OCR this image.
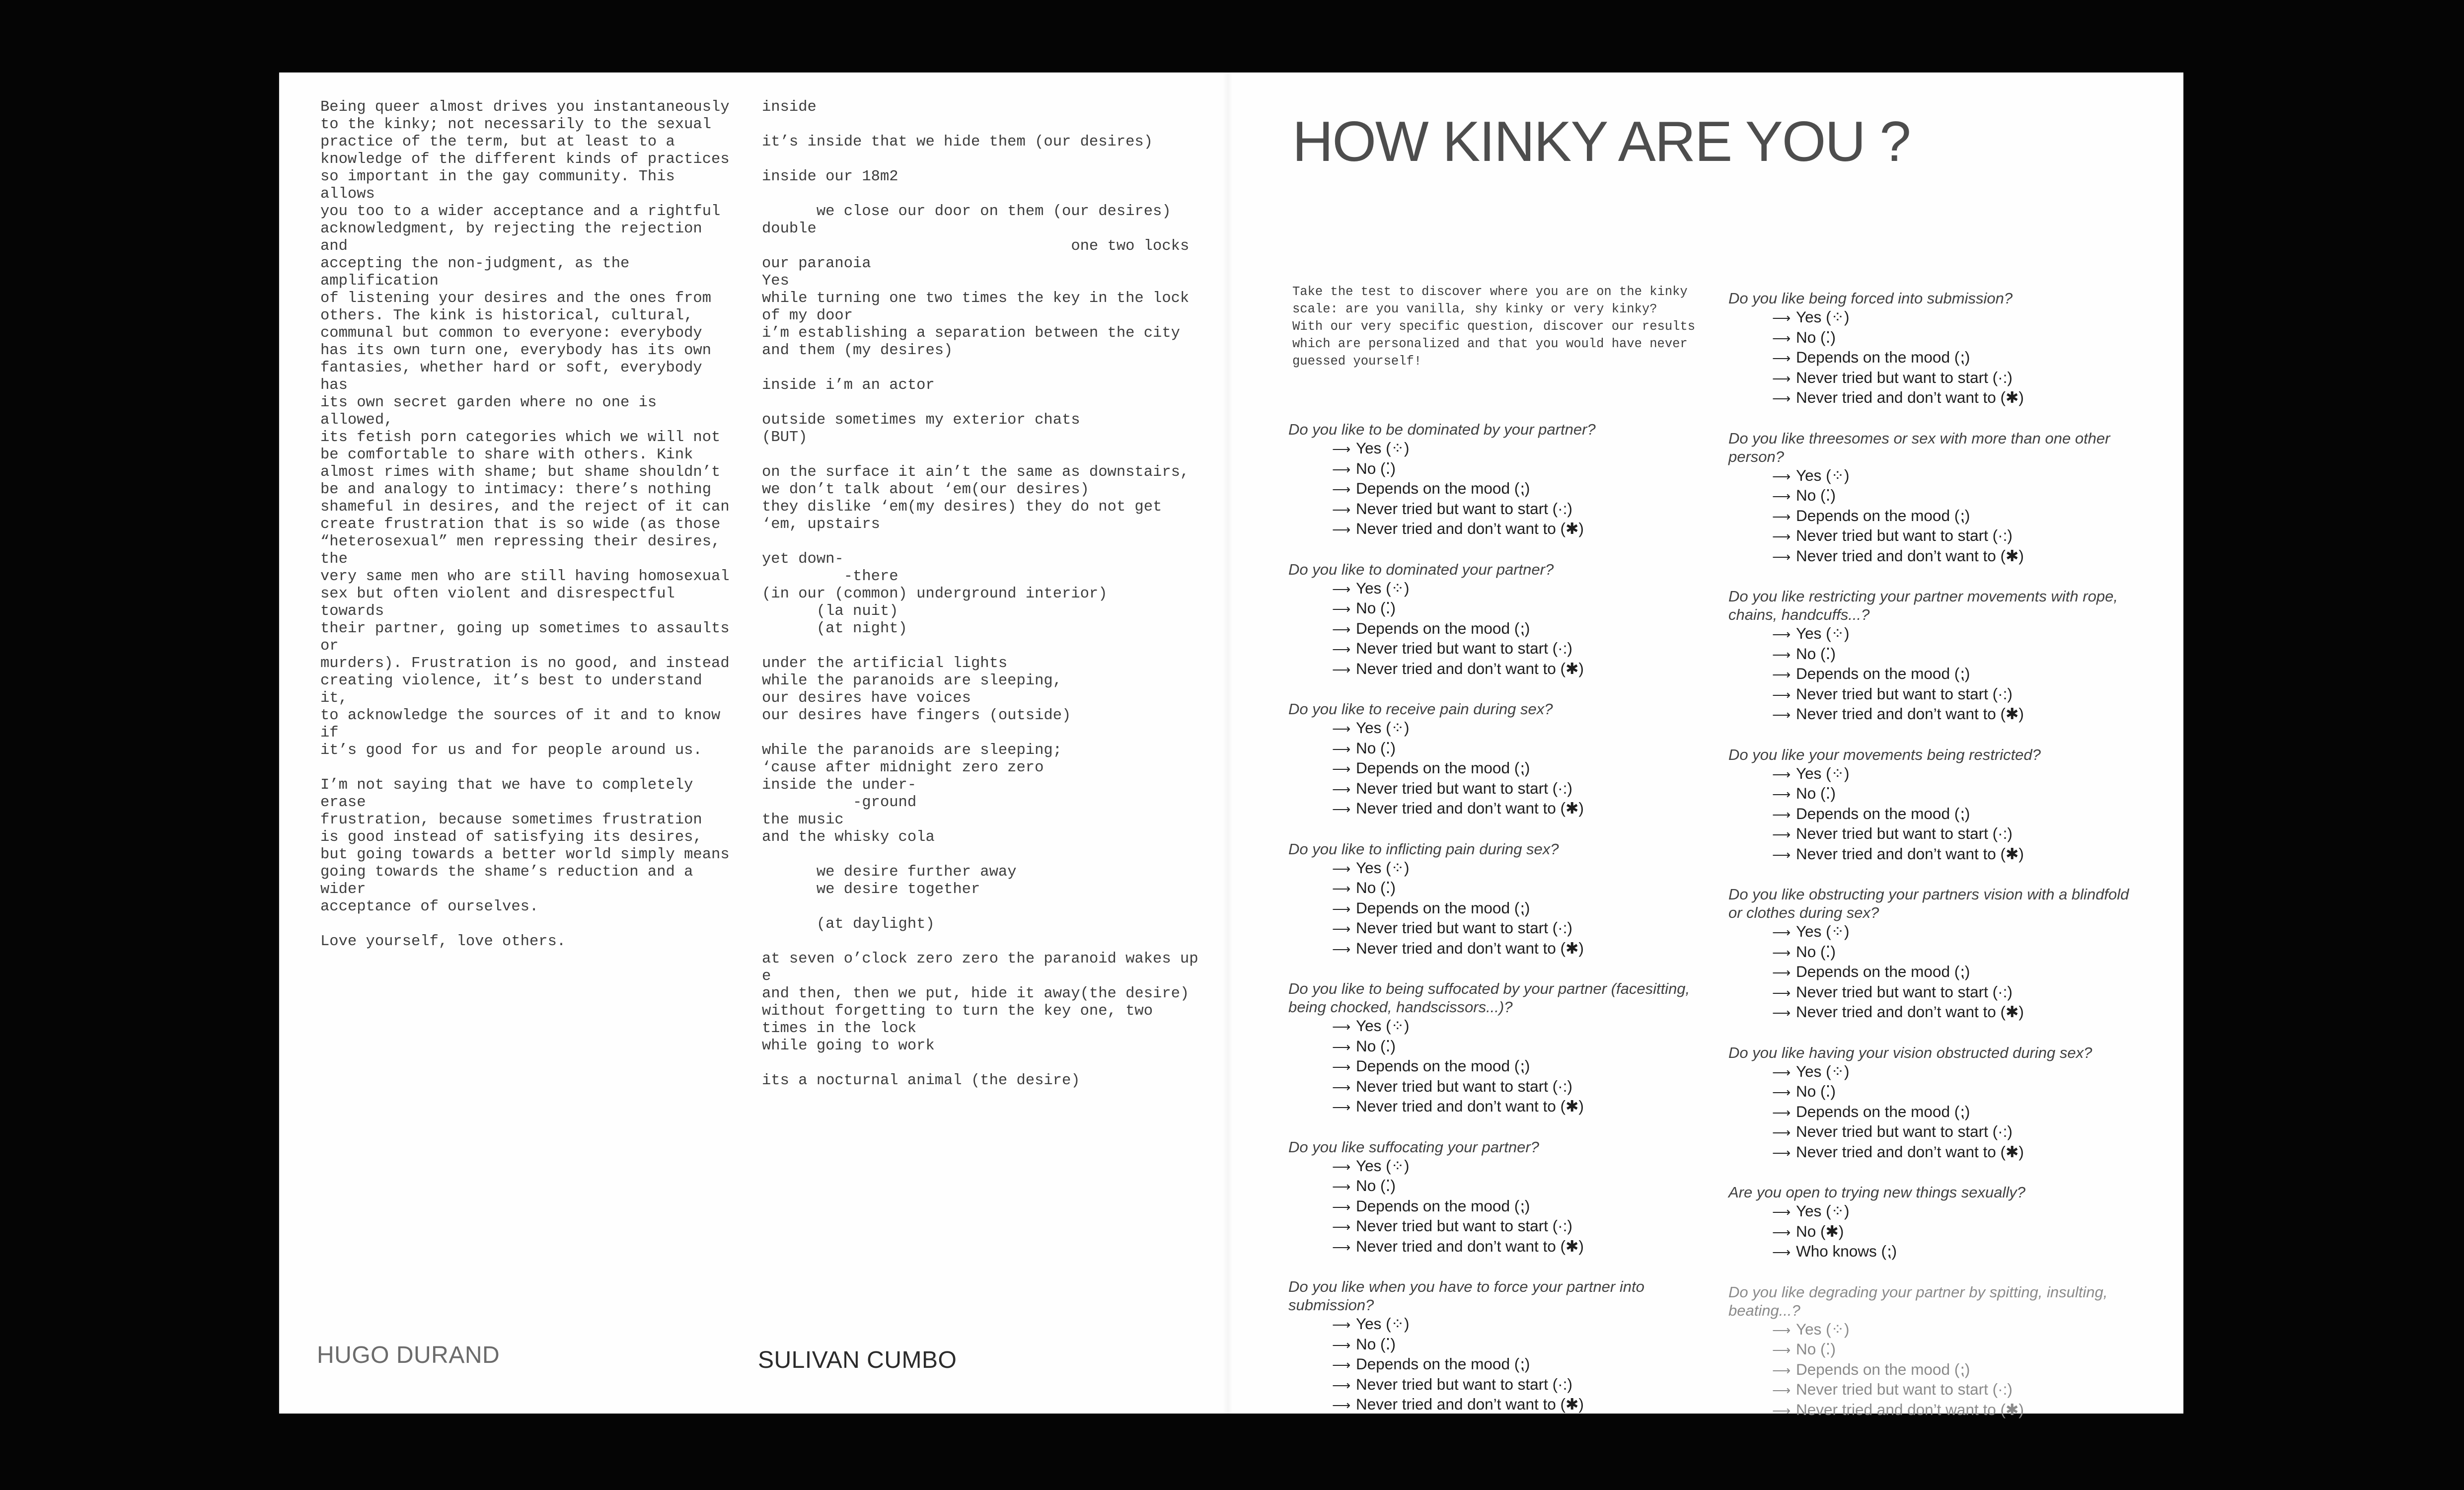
Being queer almost drives you instantaneously
to the kinky; not necessarily to the sexual
practice of the term, but at least to a
knowledge of the different kinds of practices
so important in the gay community. This allows
you too to a wider acceptance and a rightful
acknowledgment, by rejecting the rejection and
accepting the non-judgment, as the amplification
of listening your desires and the ones from
others. The kink is historical, cultural,
communal but common to everyone: everybody
has its own turn one, everybody has its own
fantasies, whether hard or soft, everybody has
its own secret garden where no one is allowed,
its fetish porn categories which we will not
be comfortable to share with others. Kink
almost rimes with shame; but shame shouldn’t
be and analogy to intimacy: there’s nothing
shameful in desires, and the reject of it can
create frustration that is so wide (as those
“heterosexual” men repressing their desires, the
very same men who are still having homosexual
sex but often violent and disrespectful towards
their partner, going up sometimes to assaults or
murders). Frustration is no good, and instead
creating violence, it’s best to understand it,
to acknowledge the sources of it and to know if
it’s good for us and for people around us.

I’m not saying that we have to completely erase
frustration, because sometimes frustration
is good instead of satisfying its desires,
but going towards a better world simply means
going towards the shame’s reduction and a wider
acceptance of ourselves.

Love yourself, love others.

inside

it’s inside that we hide them (our desires)

inside our 18m2

we close our door on them (our desires)
double
one two locks
our paranoia
Yes
while turning one two times the key in the lock
of my door
i’m establishing a separation between the city
and them (my desires)

inside i’m an actor

outside sometimes my exterior chats
(BUT)

on the surface it ain’t the same as downstairs,
we don’t talk about ‘em(our desires)
they dislike ‘em(my desires) they do not get
‘em, upstairs

yet down-
-there
(in our (common) underground interior)
(la nuit)
(at night)

under the artificial lights
while the paranoids are sleeping,
our desires have voices
our desires have fingers (outside)

while the paranoids are sleeping;
‘cause after midnight zero zero
inside the under-
-ground
the music
and the whisky cola

we desire further away
we desire together

(at daylight)

at seven o’clock zero zero the paranoid wakes up
e
and then, then we put, hide it away(the desire)
without forgetting to turn the key one, two
times in the lock
while going to work

its a nocturnal animal (the desire)

HUGO DURAND	SULIVAN CUMBO

HOW KINKY ARE YOU ?

Take the test to discover where you are on the kinky
scale: are you vanilla, shy kinky or very kinky?
With our very specific question, discover our results
which are personalized and that you would have never
guessed yourself!

Do you like to be dominated by your partner?

⟶ Yes (⁘)
⟶ No (⁚)
⟶ Depends on the mood (⁏)
⟶ Never tried but want to start (·:)
⟶ Never tried and don’t want to (✱)

Do you like to dominated your partner?

⟶ Yes (⁘)
⟶ No (⁚)
⟶ Depends on the mood (⁏)
⟶ Never tried but want to start (·:)
⟶ Never tried and don’t want to (✱)

Do you like to receive pain during sex?

⟶ Yes (⁘)
⟶ No (⁚)
⟶ Depends on the mood (⁏)
⟶ Never tried but want to start (·:)
⟶ Never tried and don’t want to (✱)

Do you like to inflicting pain during sex?

⟶ Yes (⁘)
⟶ No (⁚)
⟶ Depends on the mood (⁏)
⟶ Never tried but want to start (·:)
⟶ Never tried and don’t want to (✱)

Do you like to being suffocated by your partner (facesitting,
being chocked, handscissors...)?

⟶ Yes (⁘)
⟶ No (⁚)
⟶ Depends on the mood (⁏)
⟶ Never tried but want to start (·:)
⟶ Never tried and don’t want to (✱)

Do you like suffocating your partner?

⟶ Yes (⁘)
⟶ No (⁚)
⟶ Depends on the mood (⁏)
⟶ Never tried but want to start (·:)
⟶ Never tried and don’t want to (✱)

Do you like when you have to force your partner into
submission?

⟶ Yes (⁘)
⟶ No (⁚)
⟶ Depends on the mood (⁏)
⟶ Never tried but want to start (·:)
⟶ Never tried and don’t want to (✱)

Do you like being forced into submission?

⟶ Yes (⁘)
⟶ No (⁚)
⟶ Depends on the mood (⁏)
⟶ Never tried but want to start (·:)
⟶ Never tried and don’t want to (✱)

Do you like threesomes or sex with more than one other
person?

⟶ Yes (⁘)
⟶ No (⁚)
⟶ Depends on the mood (⁏)
⟶ Never tried but want to start (·:)
⟶ Never tried and don’t want to (✱)

Do you like restricting your partner movements with rope,
chains, handcuffs...?

⟶ Yes (⁘)
⟶ No (⁚)
⟶ Depends on the mood (⁏)
⟶ Never tried but want to start (·:)
⟶ Never tried and don’t want to (✱)

Do you like your movements being restricted?

⟶ Yes (⁘)
⟶ No (⁚)
⟶ Depends on the mood (⁏)
⟶ Never tried but want to start (·:)
⟶ Never tried and don’t want to (✱)

Do you like obstructing your partners vision with a blindfold
or clothes during sex?

⟶ Yes (⁘)
⟶ No (⁚)
⟶ Depends on the mood (⁏)
⟶ Never tried but want to start (·:)
⟶ Never tried and don’t want to (✱)

Do you like having your vision obstructed during sex?

⟶ Yes (⁘)
⟶ No (⁚)
⟶ Depends on the mood (⁏)
⟶ Never tried but want to start (·:)
⟶ Never tried and don’t want to (✱)

Are you open to trying new things sexually?

⟶ Yes (⁘)
⟶ No (✱)
⟶ Who knows (⁏)

Do you like degrading your partner by spitting, insulting,
beating...?

⟶ Yes (⁘)
⟶ No (⁚)
⟶ Depends on the mood (⁏)
⟶ Never tried but want to start (·:)
⟶ Never tried and don’t want to (✱)
